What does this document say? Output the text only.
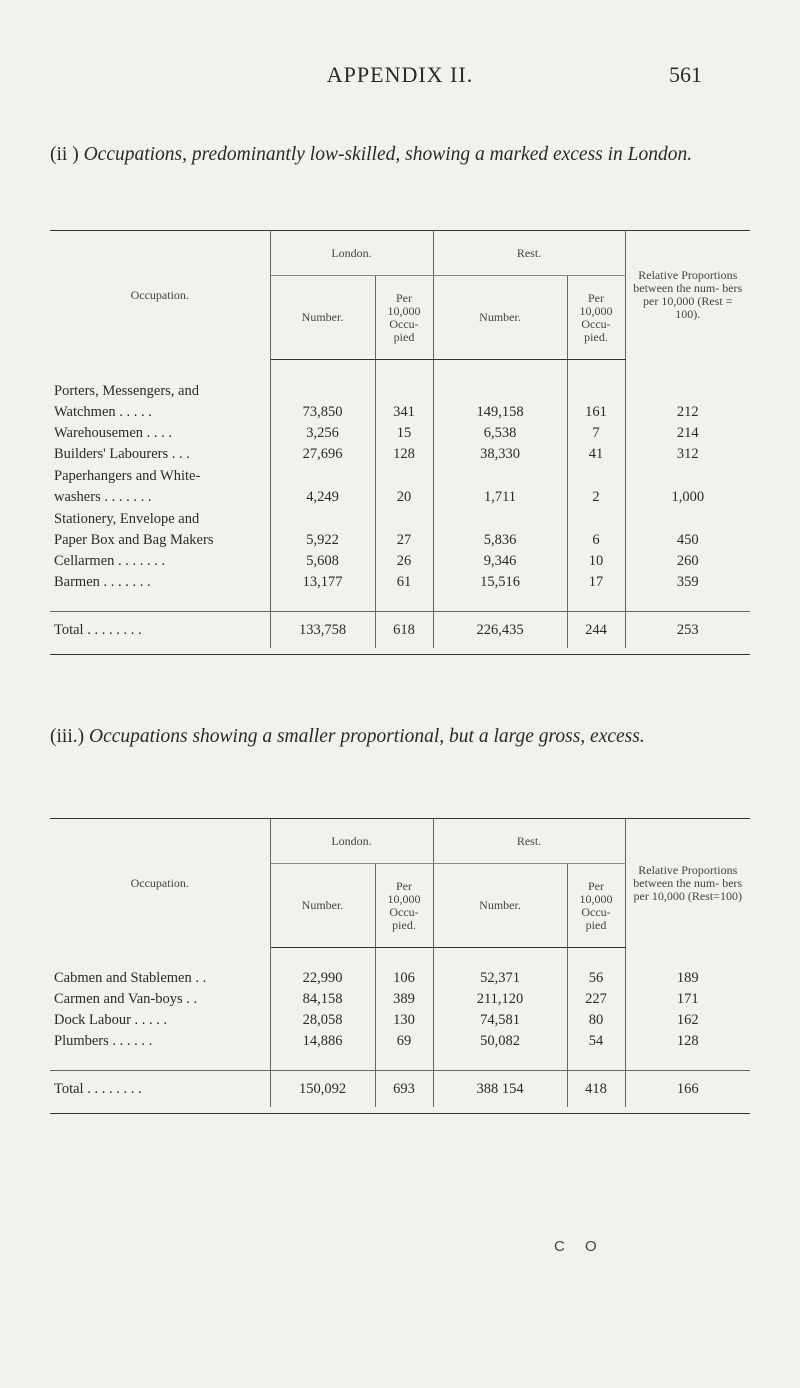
APPENDIX II.	561
(ii ) Occupations, predominantly low-skilled, showing a marked excess in London.
Occupation.	London.		Rest.		Relative Proportions between the num- bers per 10,000 (Rest = 100).
	Number.	Per 10,000 Occu- pied	Number.	Per 10,000 Occu- pied.	

Porters, Messengers, and					
Watchmen . . . . .	73,850	341	149,158	161	212
Warehousemen . . . .	3,256	15	6,538	7	214
Builders' Labourers . . .	27,696	128	38,330	41	312
Paperhangers and White-					
washers . . . . . . .	4,249	20	1,711	2	1,000
Stationery, Envelope and					
Paper Box and Bag Makers	5,922	27	5,836	6	450
Cellarmen . . . . . . .	5,608	26	9,346	10	260
Barmen . . . . . . .	13,177	61	15,516	17	359

Total . . . . . . . .	133,758	618	226,435	244	253

(iii.) Occupations showing a smaller proportional, but a large gross, excess.
Occupation.	London.		Rest.		Relative Proportions between the num- bers per 10,000 (Rest=100)
	Number.	Per 10,000 Occu- pied.	Number.	Per 10,000 Occu- pied	

Cabmen and Stablemen . .	22,990	106	52,371	56	189
Carmen and Van-boys . .	84,158	389	211,120	227	171
Dock Labour . . . . .	28,058	130	74,581	80	162
Plumbers . . . . . .	14,886	69	50,082	54	128

Total . . . . . . . .	150,092	693	388 154	418	166

C O
